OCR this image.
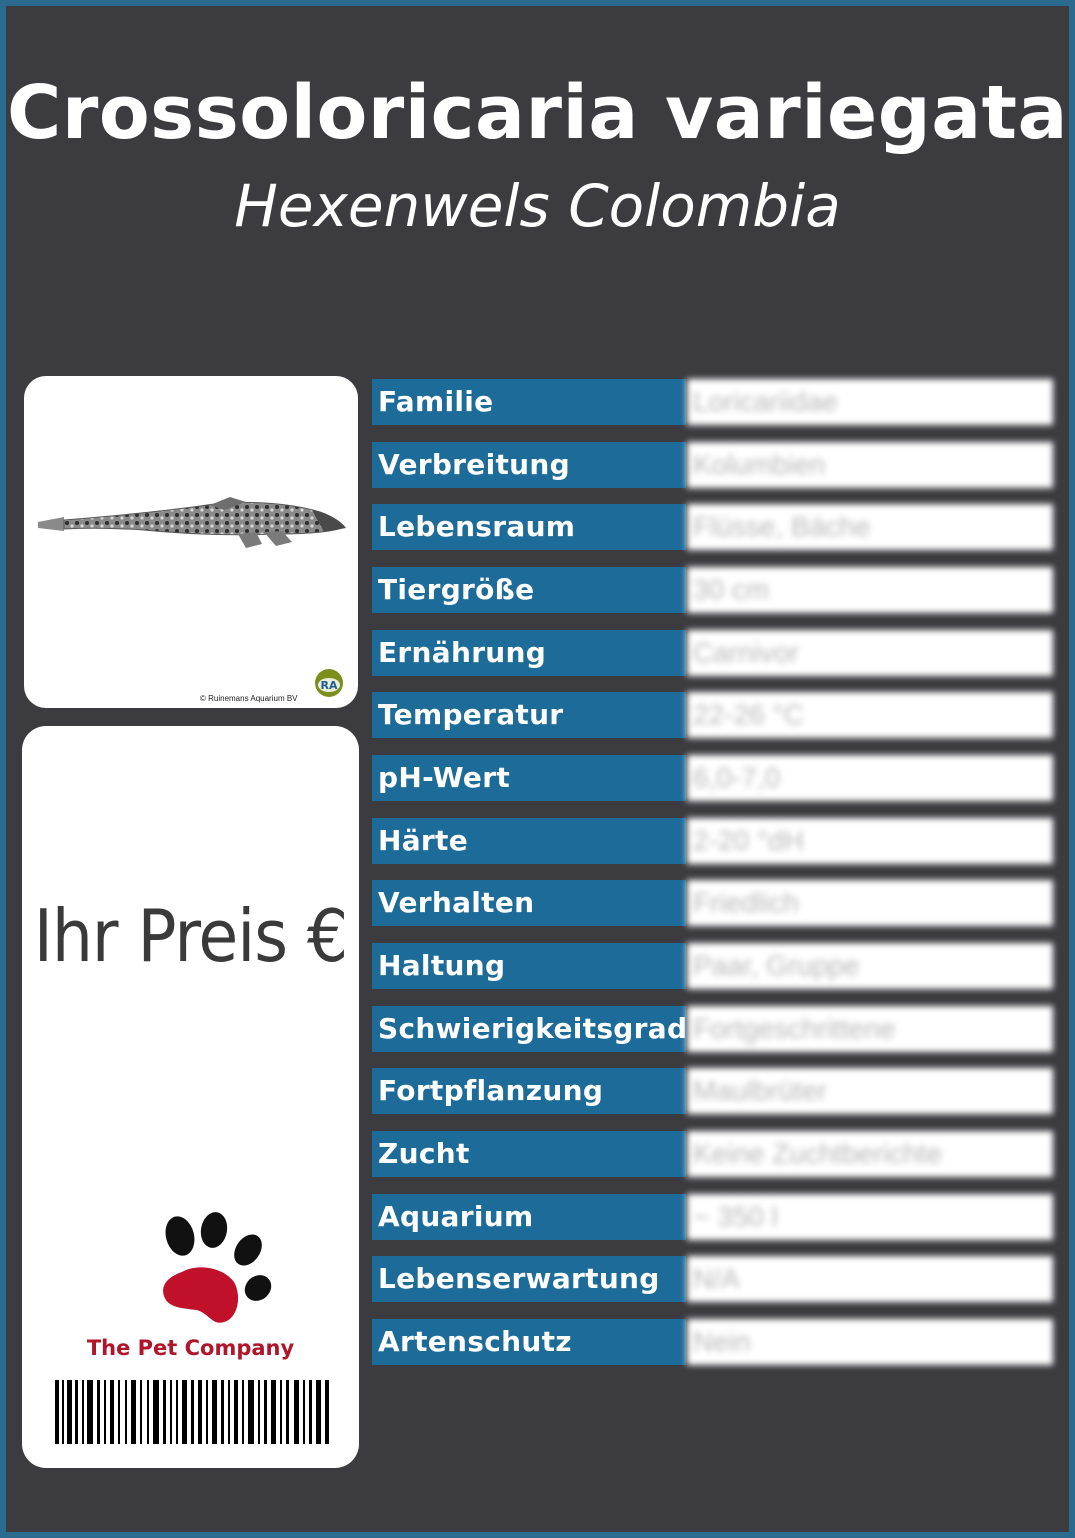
Crossoloricaria variegata
Hexenwels Colombia
RA
© Ruinemans Aquarium BV
Ihr Preis €
The Pet Company
Familie	Loricariidae
Verbreitung	Kolumbien
Lebensraum	Flüsse, Bäche
Tiergröße	30 cm
Ernährung	Carnivor
Temperatur	22-26 °C
pH-Wert	6,0-7,0
Härte	2-20 °dH
Verhalten	Friedlich
Haltung	Paar, Gruppe
Schwierigkeitsgrad Fortgeschrittene
Fortpflanzung	Maulbrüter
Zucht	Keine Zuchtberichte
Aquarium	~ 350 l
Lebenserwartung	N/A
Artenschutz	Nein
